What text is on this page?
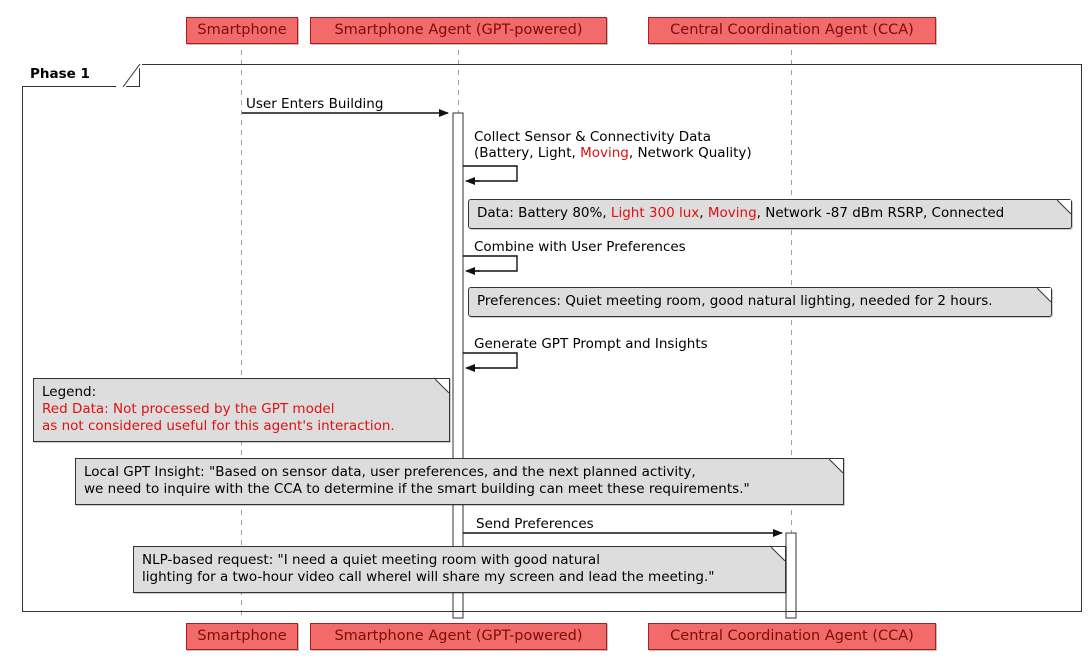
Smartphone	Smartphone Agent (GPT-powered)	Central Coordination Agent (CCA)
Phase 1
User Enters Building
Collect Sensor & Connectivity Data
(Battery, Light, Moving, Network Quality)
Combine with User Preferences
Generate GPT Prompt and Insights
Send Preferences
Data: Battery 80%, Light 300 lux, Moving, Network -87 dBm RSRP, Connected
Preferences: Quiet meeting room, good natural lighting, needed for 2 hours.
Legend:
Red Data: Not processed by the GPT model
as not considered useful for this agent's interaction.
Local GPT Insight: "Based on sensor data, user preferences, and the next planned activity,
we need to inquire with the CCA to determine if the smart building can meet these requirements."
NLP-based request: "I need a quiet meeting room with good natural
lighting for a two-hour video call whereI will share my screen and lead the meeting."
Smartphone	Smartphone Agent (GPT-powered)	Central Coordination Agent (CCA)
